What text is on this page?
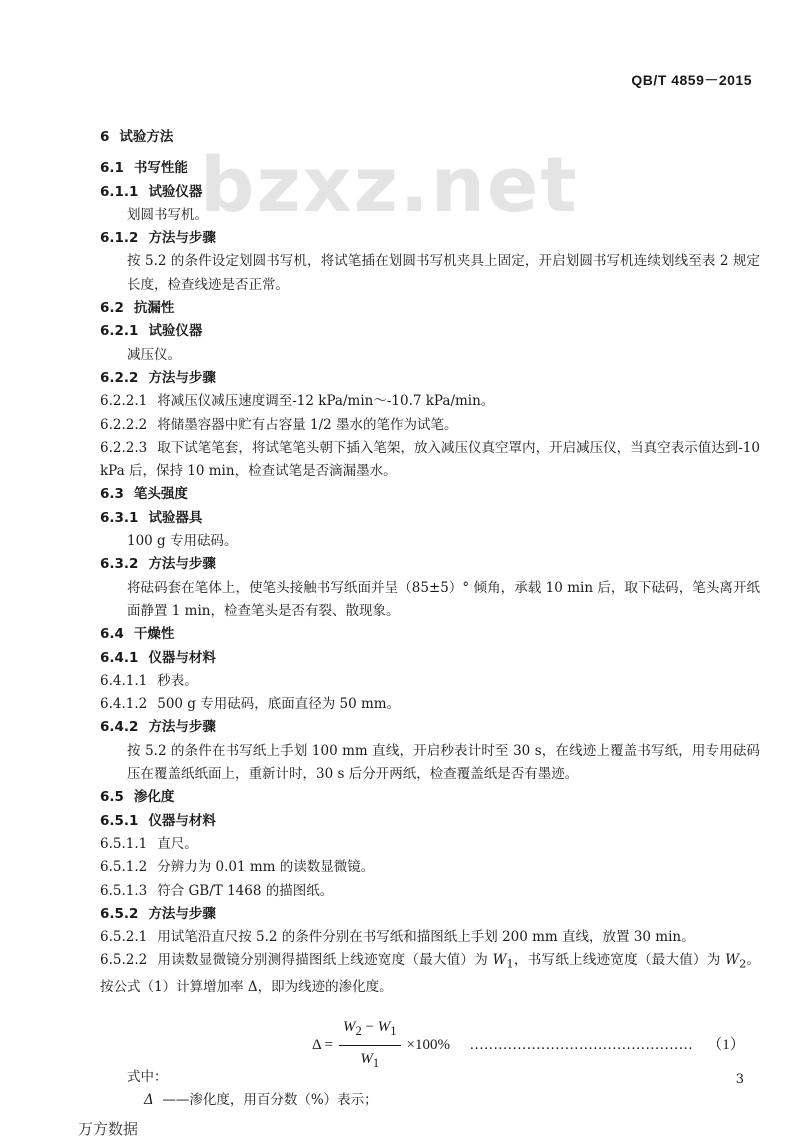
QB/T 4859－2015
bzxz.net
6 试验方法
6.1 书写性能
6.1.1 试验仪器
划圆书写机。
6.1.2 方法与步骤
按 5.2 的条件设定划圆书写机，将试笔插在划圆书写机夹具上固定，开启划圆书写机连续划线至表 2 规定长度，检查线迹是否正常。
6.2 抗漏性
6.2.1 试验仪器
减压仪。
6.2.2 方法与步骤
6.2.2.1 将减压仪减压速度调至-12 kPa/min～-10.7 kPa/min。
6.2.2.2 将储墨容器中贮有占容量 1/2 墨水的笔作为试笔。
6.2.2.3 取下试笔笔套，将试笔笔头朝下插入笔架，放入减压仪真空罩内，开启减压仪，当真空表示值达到-10 kPa 后，保持 10 min，检查试笔是否滴漏墨水。
6.3 笔头强度
6.3.1 试验器具
100 g 专用砝码。
6.3.2 方法与步骤
将砝码套在笔体上，使笔头接触书写纸面并呈（85±5）° 倾角，承载 10 min 后，取下砝码，笔头离开纸面静置 1 min，检查笔头是否有裂、散现象。
6.4 干燥性
6.4.1 仪器与材料
6.4.1.1 秒表。
6.4.1.2 500 g 专用砝码，底面直径为 50 mm。
6.4.2 方法与步骤
按 5.2 的条件在书写纸上手划 100 mm 直线，开启秒表计时至 30 s，在线迹上覆盖书写纸，用专用砝码压在覆盖纸纸面上，重新计时，30 s 后分开两纸，检查覆盖纸是否有墨迹。
6.5 渗化度
6.5.1 仪器与材料
6.5.1.1 直尺。
6.5.1.2 分辨力为 0.01 mm 的读数显微镜。
6.5.1.3 符合 GB/T 1468 的描图纸。
6.5.2 方法与步骤
6.5.2.1 用试笔沿直尺按 5.2 的条件分别在书写纸和描图纸上手划 200 mm 直线，放置 30 min。
6.5.2.2 用读数显微镜分别测得描图纸上线迹宽度（最大值）为 $W_1$，书写纸上线迹宽度（最大值）为 $W_2$。按公式（1）计算增加率 Δ，即为线迹的渗化度。
$\Delta = \frac{W_2 - W_1}{W_1} \times 100\%$ ............................................... （1）
式中：
Δ ——渗化度，用百分数（%）表示；
3
万方数据
